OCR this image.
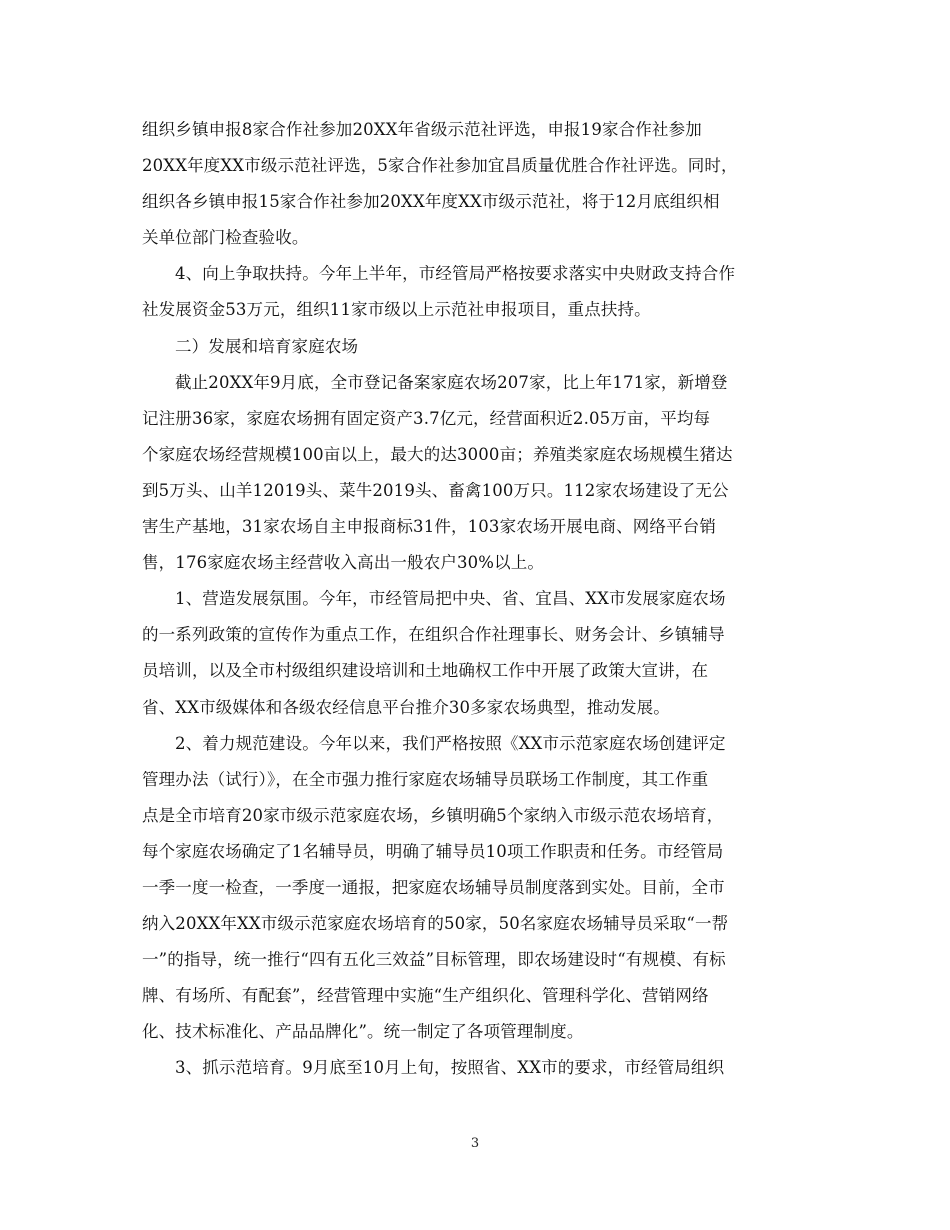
组织乡镇申报8家合作社参加20XX年省级示范社评选，申报19家合作社参加
20XX年度XX市级示范社评选，5家合作社参加宜昌质量优胜合作社评选。同时，
组织各乡镇申报15家合作社参加20XX年度XX市级示范社，将于12月底组织相
关单位部门检查验收。
4、向上争取扶持。今年上半年，市经管局严格按要求落实中央财政支持合作
社发展资金53万元，组织11家市级以上示范社申报项目，重点扶持。
二）发展和培育家庭农场
截止20XX年9月底，全市登记备案家庭农场207家，比上年171家，新增登
记注册36家，家庭农场拥有固定资产3.7亿元，经营面积近2.05万亩，平均每
个家庭农场经营规模100亩以上，最大的达3000亩；养殖类家庭农场规模生猪达
到5万头、山羊12019头、菜牛2019头、畜禽100万只。112家农场建设了无公
害生产基地，31家农场自主申报商标31件，103家农场开展电商、网络平台销
售，176家庭农场主经营收入高出一般农户30%以上。
1、营造发展氛围。今年，市经管局把中央、省、宜昌、XX市发展家庭农场
的一系列政策的宣传作为重点工作，在组织合作社理事长、财务会计、乡镇辅导
员培训，以及全市村级组织建设培训和土地确权工作中开展了政策大宣讲，在
省、XX市级媒体和各级农经信息平台推介30多家农场典型，推动发展。
2、着力规范建设。今年以来，我们严格按照《XX市示范家庭农场创建评定
管理办法（试行）》，在全市强力推行家庭农场辅导员联场工作制度，其工作重
点是全市培育20家市级示范家庭农场，乡镇明确5个家纳入市级示范农场培育，
每个家庭农场确定了1名辅导员，明确了辅导员10项工作职责和任务。市经管局
一季一度一检查，一季度一通报，把家庭农场辅导员制度落到实处。目前，全市
纳入20XX年XX市级示范家庭农场培育的50家，50名家庭农场辅导员采取“一帮
一”的指导，统一推行“四有五化三效益”目标管理，即农场建设时“有规模、有标
牌、有场所、有配套”，经营管理中实施“生产组织化、管理科学化、营销网络
化、技术标准化、产品品牌化”。统一制定了各项管理制度。
3、抓示范培育。9月底至10月上旬，按照省、XX市的要求，市经管局组织
3
